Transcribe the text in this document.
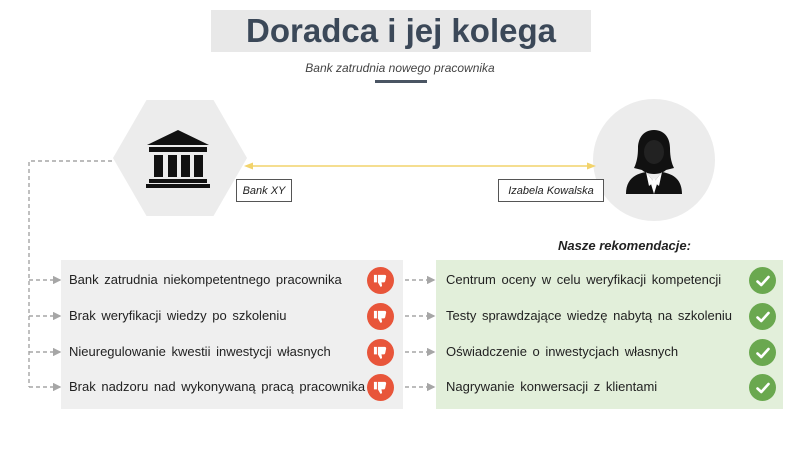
Doradca i jej kolega
Bank zatrudnia nowego pracownika
Bank XY	Izabela Kowalska
Nasze rekomendacje:
Bank zatrudnia niekompetentnego pracownika	Centrum oceny w celu weryfikacji kompetencji
Brak weryfikacji wiedzy po szkoleniu	Testy sprawdzające wiedzę nabytą na szkoleniu
Nieuregulowanie kwestii inwestycji własnych	Oświadczenie o inwestycjach własnych
Brak nadzoru nad wykonywaną pracą pracownika	Nagrywanie konwersacji z klientami
